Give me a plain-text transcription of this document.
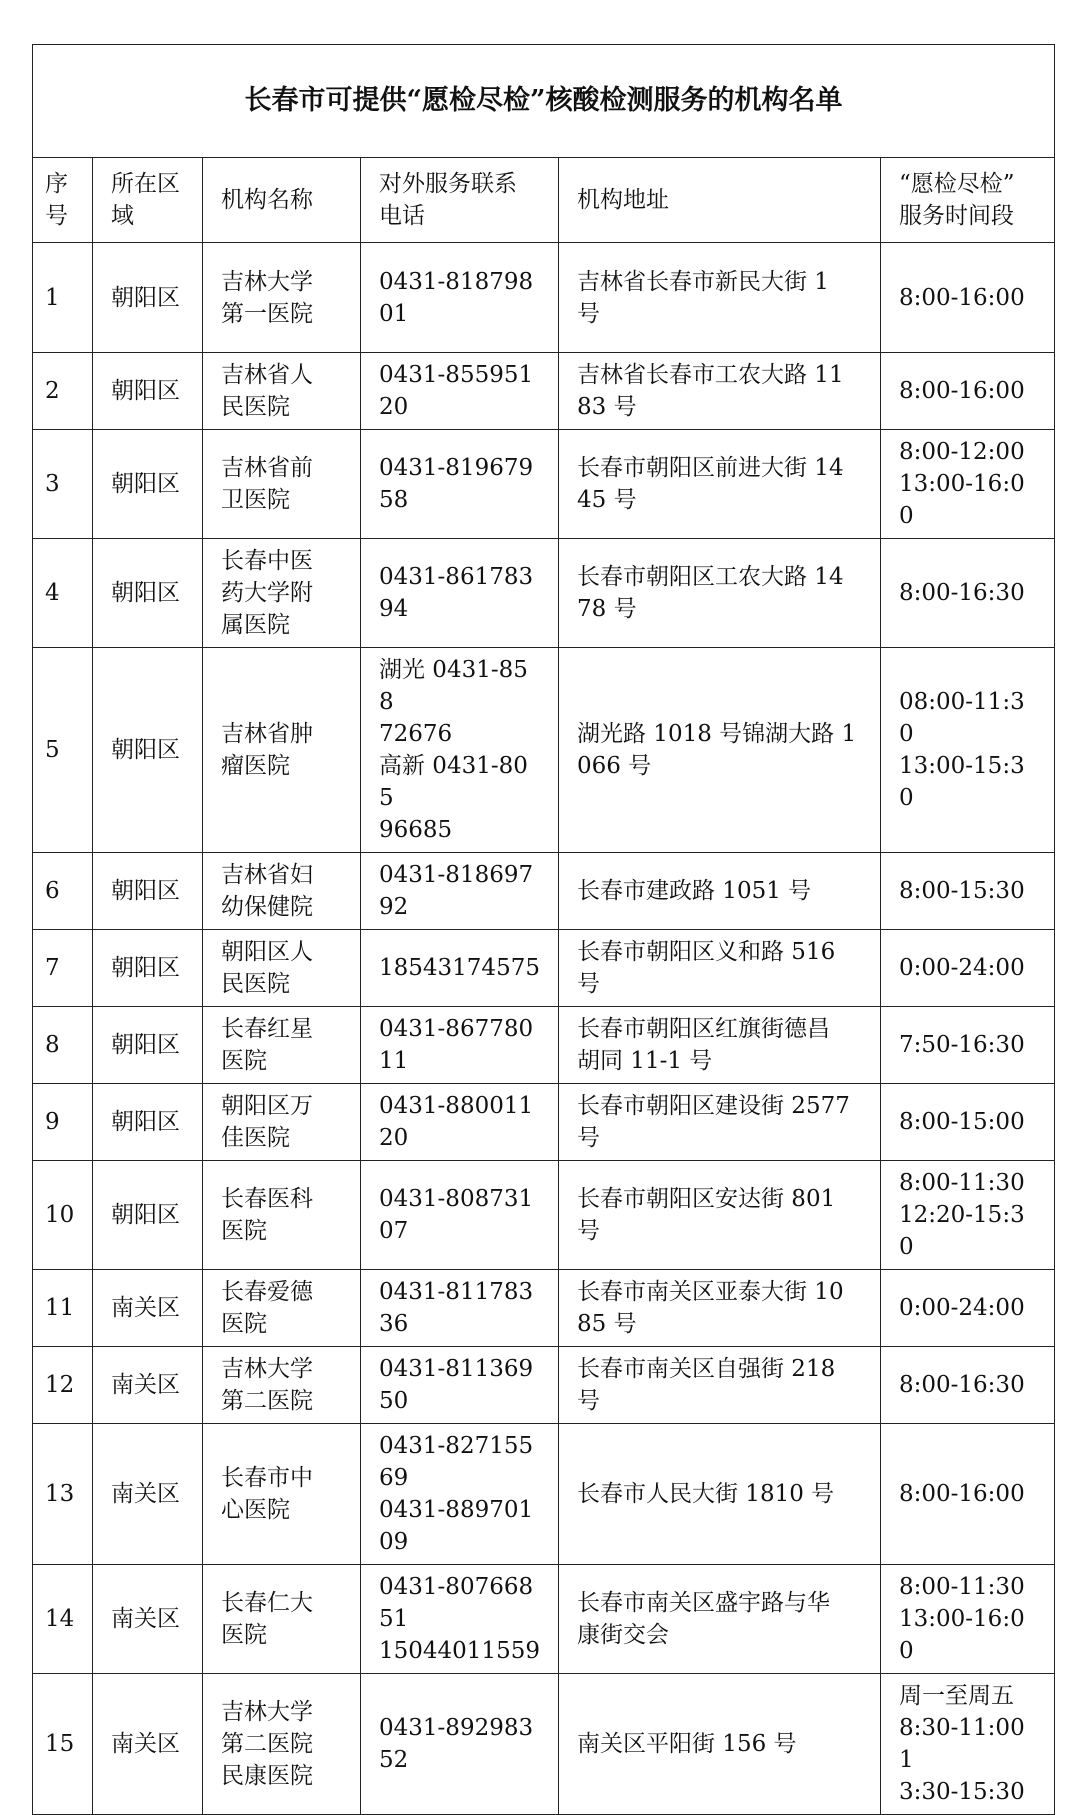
长春市可提供“愿检尽检”核酸检测服务的机构名单					

序
号	所在区
域	机构名称	对外服务联系
电话	机构地址	“愿检尽检”
服务时间段

1	朝阳区	吉林大学
第一医院	0431-81879801	吉林省长春市新民大街 1
号	8:00-16:00

2	朝阳区	吉林省人
民医院	0431-85595120	吉林省长春市工农大路 11
83 号	8:00-16:00

3	朝阳区	吉林省前
卫医院	0431-81967958	长春市朝阳区前进大街 14
45 号	8:00-12:00
13:00-16:00

4	朝阳区	长春中医
药大学附
属医院	0431-86178394	长春市朝阳区工农大路 14
78 号	8:00-16:30

5	朝阳区	吉林省肿
瘤医院	湖光 0431-858
72676
高新 0431-805
96685	湖光路 1018 号锦湖大路 1
066 号	08:00-11:30
13:00-15:30

6	朝阳区	吉林省妇
幼保健院	0431-81869792	长春市建政路 1051 号	8:00-15:30

7	朝阳区	朝阳区人
民医院	18543174575	长春市朝阳区义和路 516
号	0:00-24:00

8	朝阳区	长春红星
医院	0431-86778011	长春市朝阳区红旗街德昌
胡同 11-1 号	7:50-16:30

9	朝阳区	朝阳区万
佳医院	0431-88001120	长春市朝阳区建设街 2577
号	8:00-15:00

10	朝阳区	长春医科
医院	0431-80873107	长春市朝阳区安达街 801
号	8:00-11:30
12:20-15:30

11	南关区	长春爱德
医院	0431-81178336	长春市南关区亚泰大街 10
85 号	0:00-24:00

12	南关区	吉林大学
第二医院	0431-81136950	长春市南关区自强街 218
号	8:00-16:30

13	南关区	长春市中
心医院	0431-82715569
0431-88970109	长春市人民大街 1810 号	8:00-16:00

14	南关区	长春仁大
医院	0431-80766851
15044011559	长春市南关区盛宇路与华
康街交会	8:00-11:30
13:00-16:00

15	南关区	吉林大学
第二医院
民康医院	0431-89298352	南关区平阳街 156 号	周一至周五
8:30-11:00 1
3:30-15:30
